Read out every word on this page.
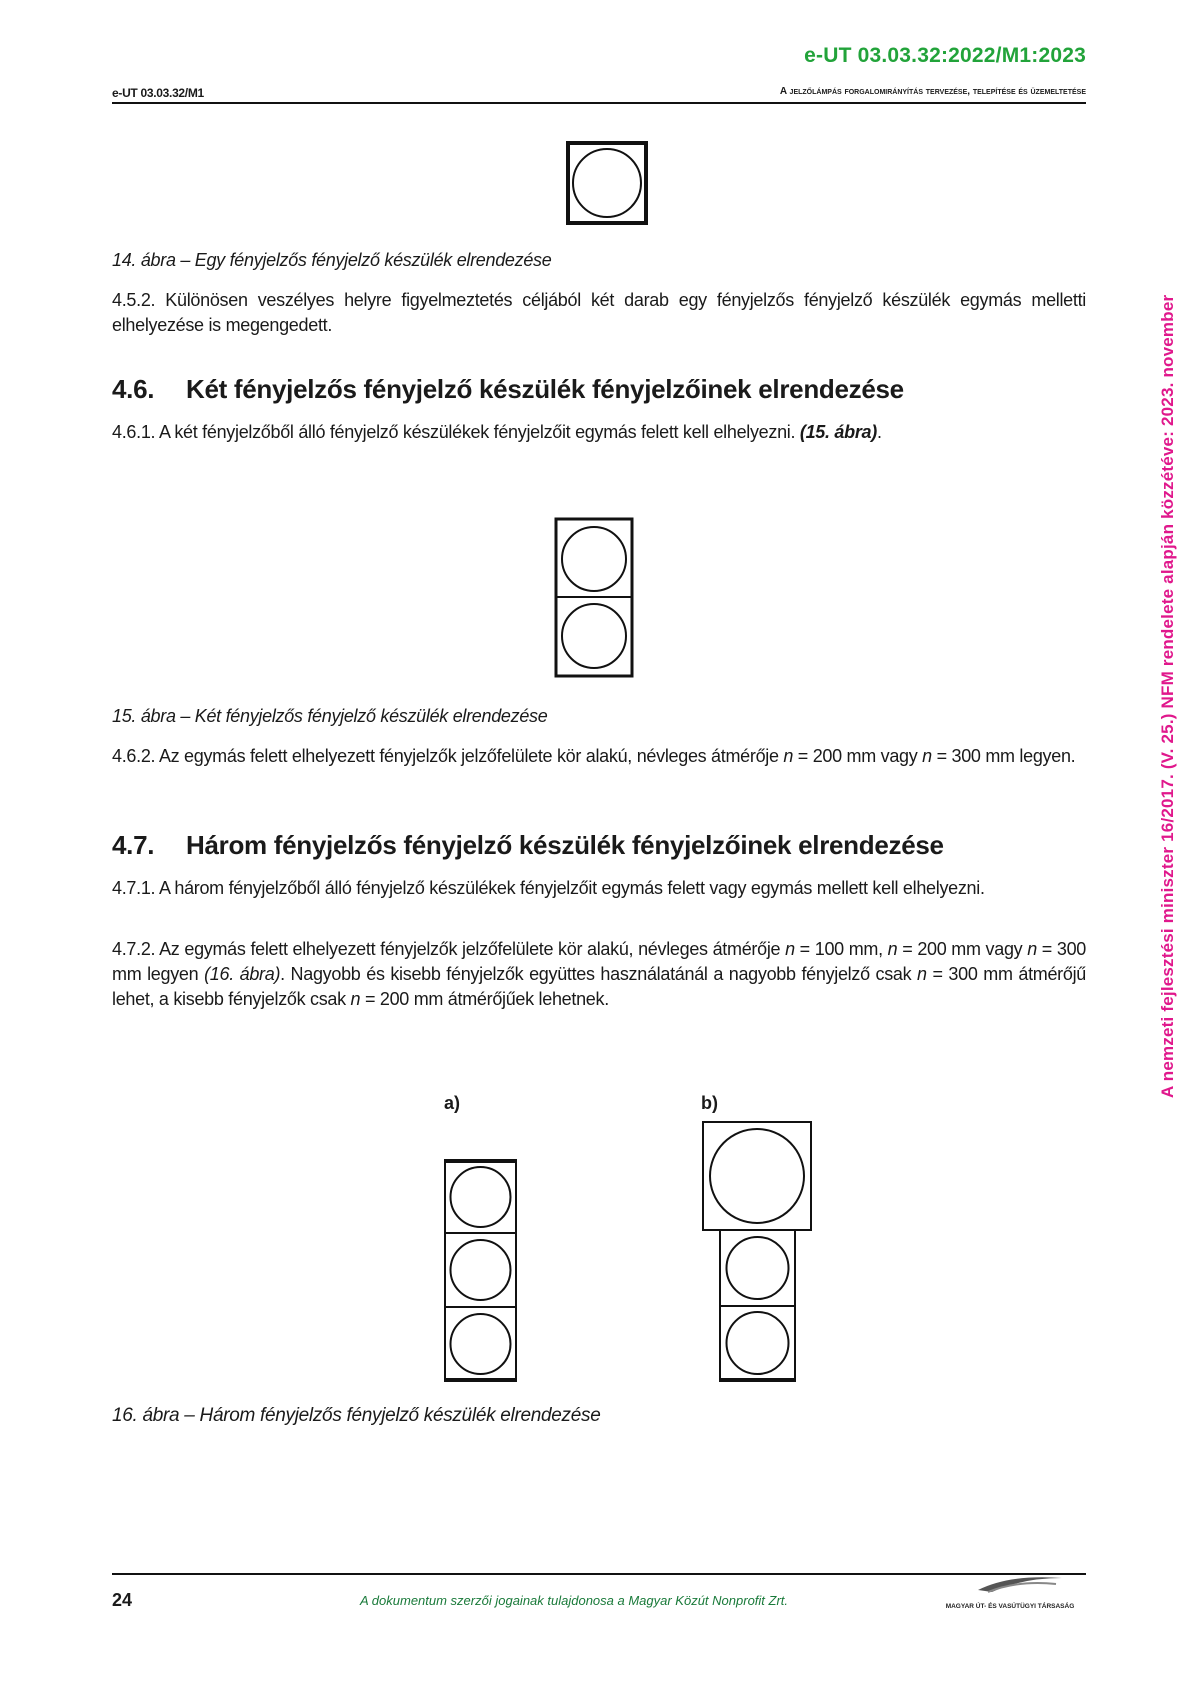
e-UT 03.03.32:2022/M1:2023
e-UT 03.03.32/M1	A jelzőlámpás forgalomirányítás tervezése, telepítése és üzemeltetése
A nemzeti fejlesztési miniszter 16/2017. (V. 25.) NFM rendelete alapján közzétéve: 2023. november
14. ábra – Egy fényjelzős fényjelző készülék elrendezése
4.5.2. Különösen veszélyes helyre figyelmeztetés céljából két darab egy fényjelzős fényjelző készülék egymás melletti elhelyezése is megengedett.
4.6. Két fényjelzős fényjelző készülék fényjelzőinek elrendezése
4.6.1. A két fényjelzőből álló fényjelző készülékek fényjelzőit egymás felett kell elhelyezni. (15. ábra).
15. ábra – Két fényjelzős fényjelző készülék elrendezése
4.6.2. Az egymás felett elhelyezett fényjelzők jelzőfelülete kör alakú, névleges átmérője n = 200 mm vagy n = 300 mm legyen.
4.7. Három fényjelzős fényjelző készülék fényjelzőinek elrendezése
4.7.1. A három fényjelzőből álló fényjelző készülékek fényjelzőit egymás felett vagy egymás mellett kell elhelyezni.
4.7.2. Az egymás felett elhelyezett fényjelzők jelzőfelülete kör alakú, névleges átmérője n = 100 mm, n = 200 mm vagy n = 300 mm legyen (16. ábra). Nagyobb és kisebb fényjelzők együttes használatánál a nagyobb fényjelző csak n = 300 mm átmérőjű lehet, a kisebb fényjelzők csak n = 200 mm átmérőjűek lehetnek.
a)	b)
16. ábra – Három fényjelzős fényjelző készülék elrendezése
24	A dokumentum szerzői jogainak tulajdonosa a Magyar Közút Nonprofit Zrt.	MAGYAR ÚT- ÉS VASÚTÜGYI TÁRSASÁG
